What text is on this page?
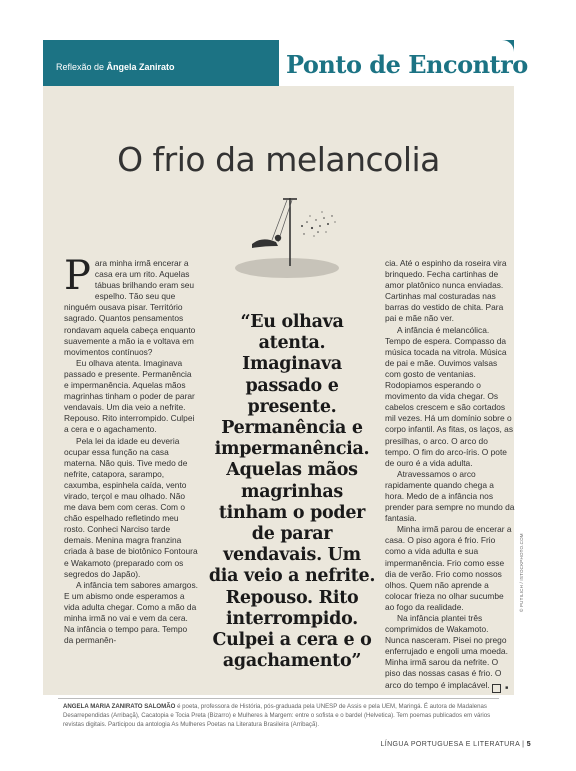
Reflexão de Ângela Zanirato	Ponto de Encontro
O frio da melancolia

Para minha irmã encerar a casa era um rito. Aquelas tábuas brilhando eram seu espelho. Tão seu que ninguém ousava pisar. Território sagrado. Quantos pensamentos rondavam aquela cabeça enquanto suavemente a mão ia e voltava em movimentos contínuos?

Eu olhava atenta. Imaginava passado e presente. Permanência e impermanência. Aquelas mãos magrinhas tinham o poder de parar vendavais. Um dia veio a nefrite. Repouso. Rito interrompido. Culpei a cera e o agachamento.

Pela lei da idade eu deveria ocupar essa função na casa materna. Não quis. Tive medo de nefrite, catapora, sarampo, caxumba, espinhela caída, vento virado, terçol e mau olhado. Não me dava bem com ceras. Com o chão espelhado refletindo meu rosto. Conheci Narciso tarde demais. Menina magra franzina criada à base de biotônico Fontoura e Wakamoto (preparado com os segredos do Japão).

A infância tem sabores amargos. E um abismo onde esperamos a vida adulta chegar. Como a mão da minha irmã no vai e vem da cera. Na infância o tempo para. Tempo da permanên-

“Eu olhava atenta. Imaginava passado e presente. Permanência e impermanência. Aquelas mãos magrinhas tinham o poder de parar vendavais. Um dia veio a nefrite. Repouso. Rito interrompido. Culpei a cera e o agachamento”

cia. Até o espinho da roseira vira brinquedo. Fecha cartinhas de amor platônico nunca enviadas. Cartinhas mal costuradas nas barras do vestido de chita. Para pai e mãe não ver.

A infância é melancólica. Tempo de espera. Compasso da música tocada na vitrola. Música de pai e mãe. Ouvimos valsas com gosto de ventanias. Rodopiamos esperando o movimento da vida chegar. Os cabelos crescem e são cortados mil vezes. Há um domínio sobre o corpo infantil. As fitas, os laços, as presilhas, o arco. O arco do tempo. O fim do arco-íris. O pote de ouro é a vida adulta.

Atravessamos o arco rapidamente quando chega a hora. Medo de a infância nos prender para sempre no mundo da fantasia.

Minha irmã parou de encerar a casa. O piso agora é frio. Frio como a vida adulta e sua impermanência. Frio como esse dia de verão. Frio como nossos olhos. Quem não aprende a colocar frieza no olhar sucumbe ao fogo da realidade.

Na infância plantei três comprimidos de Wakamoto. Nunca nasceram. Pisei no prego enferrujado e engoli uma moeda. Minha irmã sarou da nefrite. O piso das nossas casas é frio. O arco do tempo é implacável.	■

© PUTILICH / ISTOCKPHOTO.COM
ANGELA MARIA ZANIRATO SALOMÃO é poeta, professora de História, pós-graduada pela UNESP de Assis e pela UEM, Maringá. É autora de Madalenas Desarrependidas (Arribaçã), Cacatopia e Tocia Preta (Bizarro) e Mulheres à Margem: entre o sofista e o bardel (Helvetica). Tem poemas publicados em vários revistas digitais. Participou da antologia As Mulheres Poetas na Literatura Brasileira (Arribaçã).
LÍNGUA PORTUGUESA E LITERATURA | 5
